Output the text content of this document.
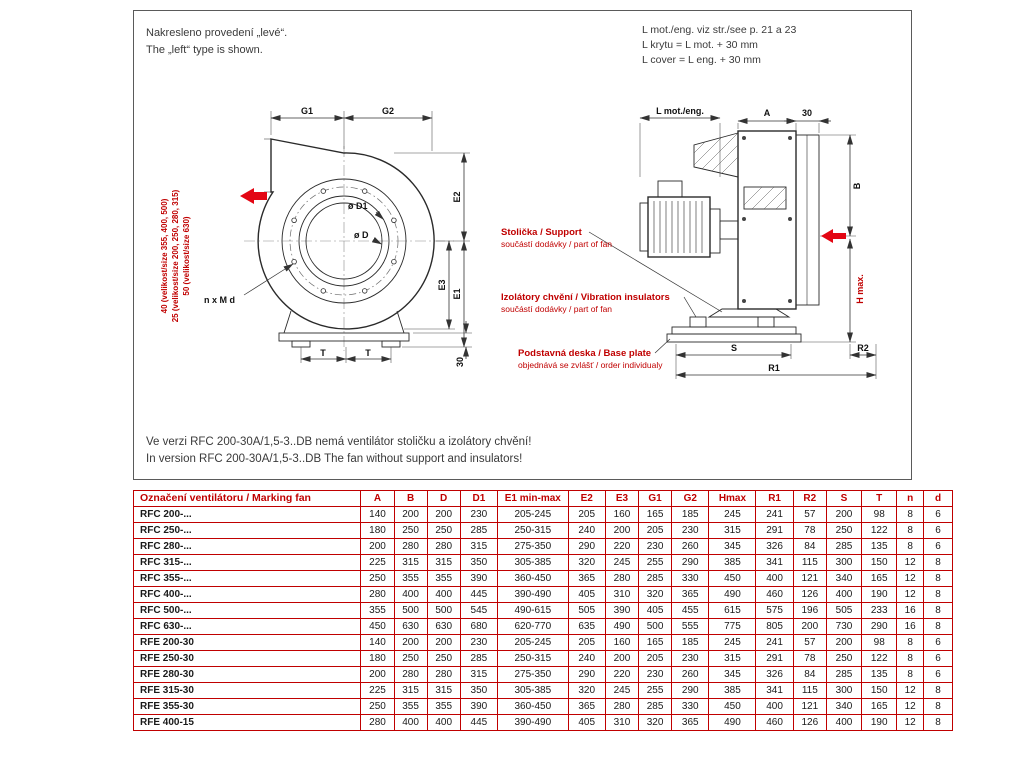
ø D1
ø D
n x M d
G1	G2
E2
E3
E1
T	T
30
40 (velikost/size 355, 400, 500) 25 (velikost/size 200, 250, 280, 315) 50 (velikost/size 630)
L mot./eng.	A	30
B
H max.
S	R2
R1
Stolička / Support
součástí dodávky / part of fan
Izolátory chvění / Vibration insulators
součástí dodávky / part of fan
Podstavná deska / Base plate
objednává se zvlášť / order individualy
Nakresleno provedení „levé“.
The „left“ type is shown.
L mot./eng. viz str./see p. 21 a 23
L krytu = L mot. + 30 mm
L cover = L eng. + 30 mm
Ve verzi RFC 200-30A/1,5-3..DB nemá ventilátor stoličku a izolátory chvění!
In version RFC 200-30A/1,5-3..DB The fan without support and insulators!
Označení ventilátoru / Marking fan	A	B	D	D1	E1 min-max	E2	E3	G1	G2	Hmax	R1	R2	S	T	n	d
RFC 200-...	140	200	200	230	205-245	205	160	165	185	245	241	57	200	98	8	6
RFC 250-...	180	250	250	285	250-315	240	200	205	230	315	291	78	250	122	8	6
RFC 280-...	200	280	280	315	275-350	290	220	230	260	345	326	84	285	135	8	6
RFC 315-...	225	315	315	350	305-385	320	245	255	290	385	341	115	300	150	12	8
RFC 355-...	250	355	355	390	360-450	365	280	285	330	450	400	121	340	165	12	8
RFC 400-...	280	400	400	445	390-490	405	310	320	365	490	460	126	400	190	12	8
RFC 500-...	355	500	500	545	490-615	505	390	405	455	615	575	196	505	233	16	8
RFC 630-...	450	630	630	680	620-770	635	490	500	555	775	805	200	730	290	16	8
RFE 200-30	140	200	200	230	205-245	205	160	165	185	245	241	57	200	98	8	6
RFE 250-30	180	250	250	285	250-315	240	200	205	230	315	291	78	250	122	8	6
RFE 280-30	200	280	280	315	275-350	290	220	230	260	345	326	84	285	135	8	6
RFE 315-30	225	315	315	350	305-385	320	245	255	290	385	341	115	300	150	12	8
RFE 355-30	250	355	355	390	360-450	365	280	285	330	450	400	121	340	165	12	8
RFE 400-15	280	400	400	445	390-490	405	310	320	365	490	460	126	400	190	12	8
